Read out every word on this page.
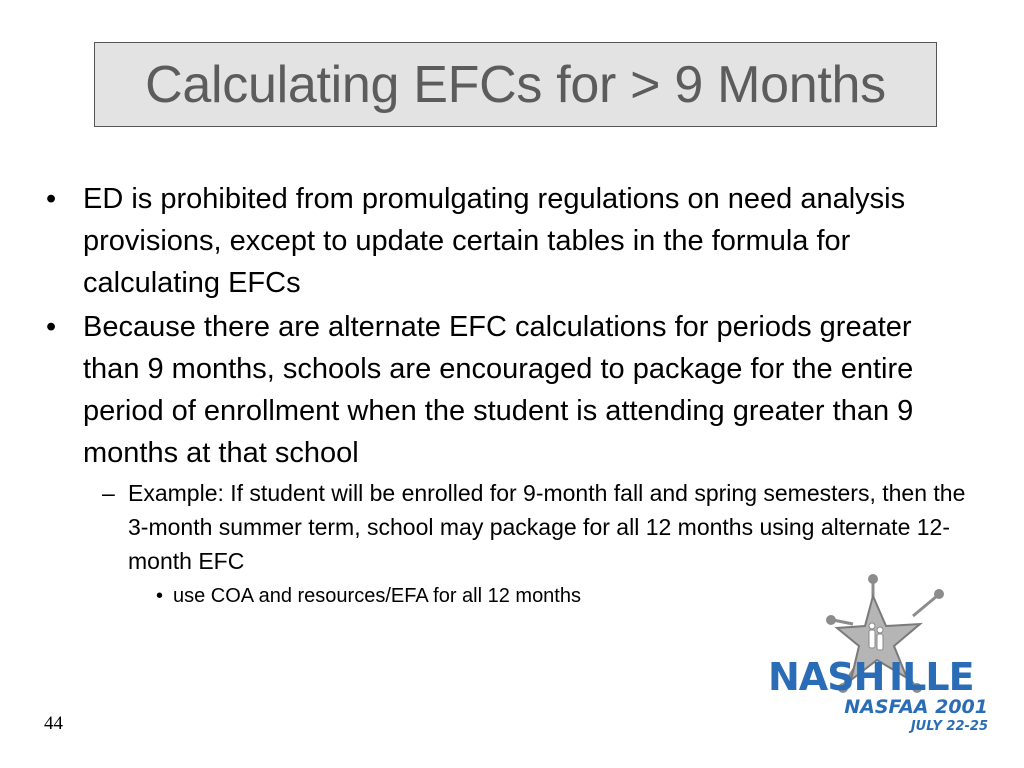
Calculating EFCs for > 9 Months
• ED is prohibited from promulgating regulations on need analysis provisions, except to update certain tables in the formula for calculating EFCs
• Because there are alternate EFC calculations for periods greater than 9 months, schools are encouraged to package for the entire period of enrollment when the student is attending greater than 9 months at that school
– Example: If student will be enrolled for 9-month fall and spring semesters, then the 3-month summer term, school may package for all 12 months using alternate 12-month EFC
• use COA and resources/EFA for all 12 months
44
NASH ILLE
NASFAA 2001
JULY 22-25
